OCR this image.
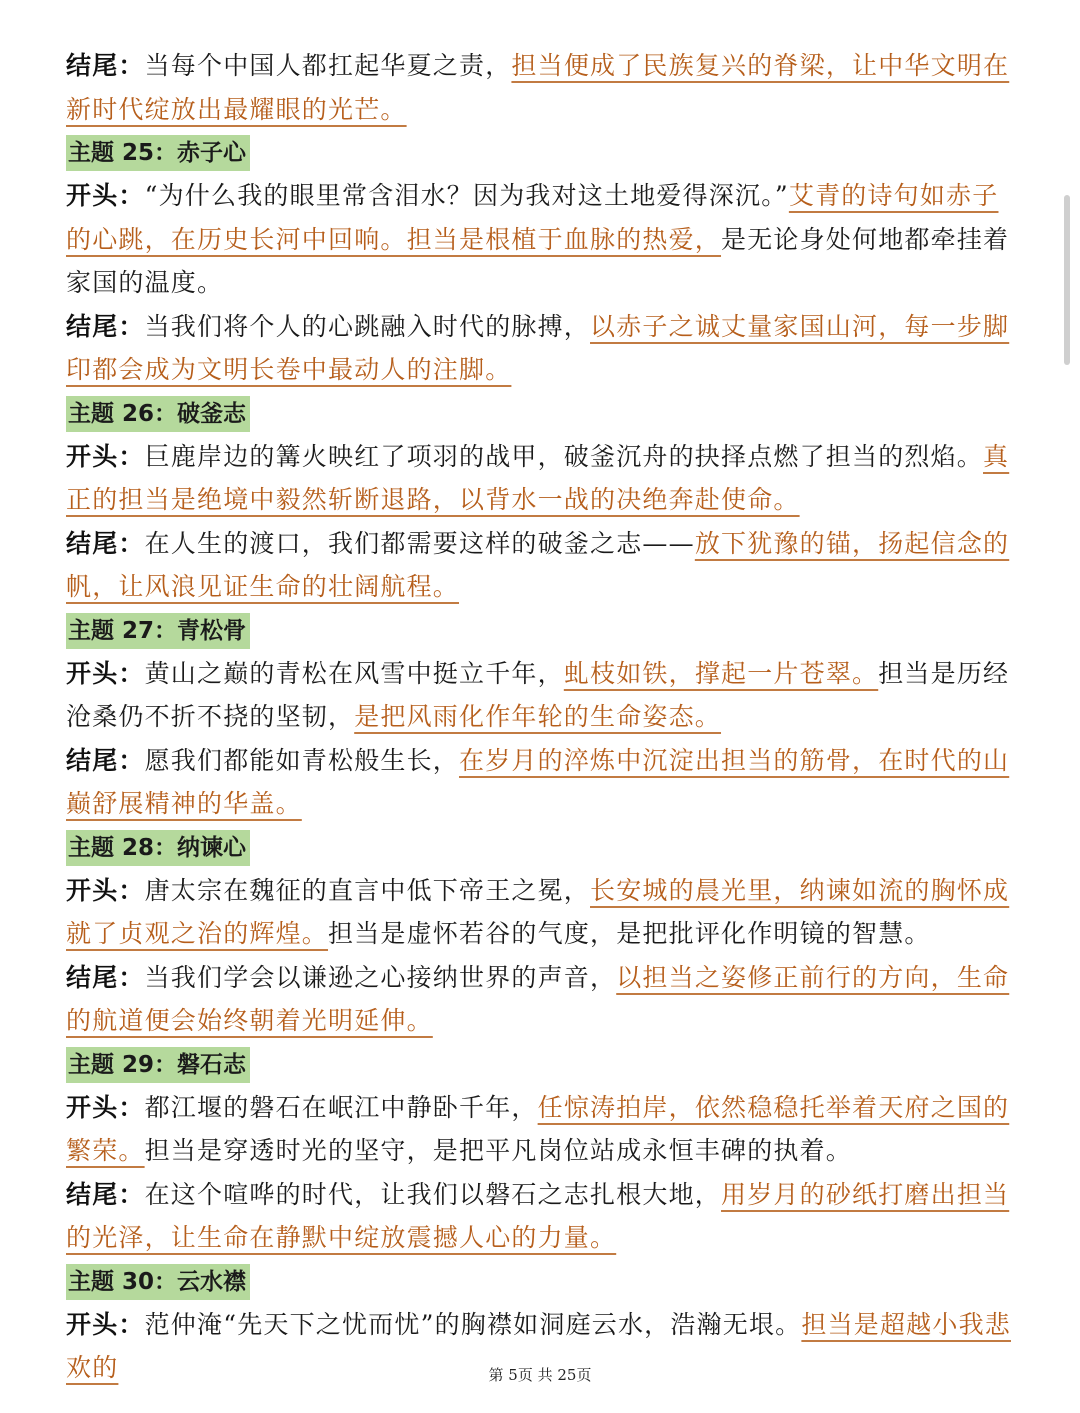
结尾：当每个中国人都扛起华夏之责，担当便成了民族复兴的脊梁，让中华文明在新时代绽放出最耀眼的光芒。

主题 25：赤子心

开头：“为什么我的眼里常含泪水？因为我对这土地爱得深沉。”艾青的诗句如赤子的心跳，在历史长河中回响。担当是根植于血脉的热爱，是无论身处何地都牵挂着家国的温度。

结尾：当我们将个人的心跳融入时代的脉搏，以赤子之诚丈量家国山河，每一步脚印都会成为文明长卷中最动人的注脚。

主题 26：破釜志

开头：巨鹿岸边的篝火映红了项羽的战甲，破釜沉舟的抉择点燃了担当的烈焰。真正的担当是绝境中毅然斩断退路，以背水一战的决绝奔赴使命。

结尾：在人生的渡口，我们都需要这样的破釜之志——放下犹豫的锚，扬起信念的帆，让风浪见证生命的壮阔航程。

主题 27：青松骨

开头：黄山之巅的青松在风雪中挺立千年，虬枝如铁，撑起一片苍翠。担当是历经沧桑仍不折不挠的坚韧，是把风雨化作年轮的生命姿态。

结尾：愿我们都能如青松般生长，在岁月的淬炼中沉淀出担当的筋骨，在时代的山巅舒展精神的华盖。

主题 28：纳谏心

开头：唐太宗在魏征的直言中低下帝王之冕，长安城的晨光里，纳谏如流的胸怀成就了贞观之治的辉煌。担当是虚怀若谷的气度，是把批评化作明镜的智慧。

结尾：当我们学会以谦逊之心接纳世界的声音，以担当之姿修正前行的方向，生命的航道便会始终朝着光明延伸。

主题 29：磐石志

开头：都江堰的磐石在岷江中静卧千年，任惊涛拍岸，依然稳稳托举着天府之国的繁荣。担当是穿透时光的坚守，是把平凡岗位站成永恒丰碑的执着。

结尾：在这个喧哗的时代，让我们以磐石之志扎根大地，用岁月的砂纸打磨出担当的光泽，让生命在静默中绽放震撼人心的力量。

主题 30：云水襟

开头：范仲淹“先天下之忧而忧”的胸襟如洞庭云水，浩瀚无垠。担当是超越小我悲欢的	第 5页 共 25页
